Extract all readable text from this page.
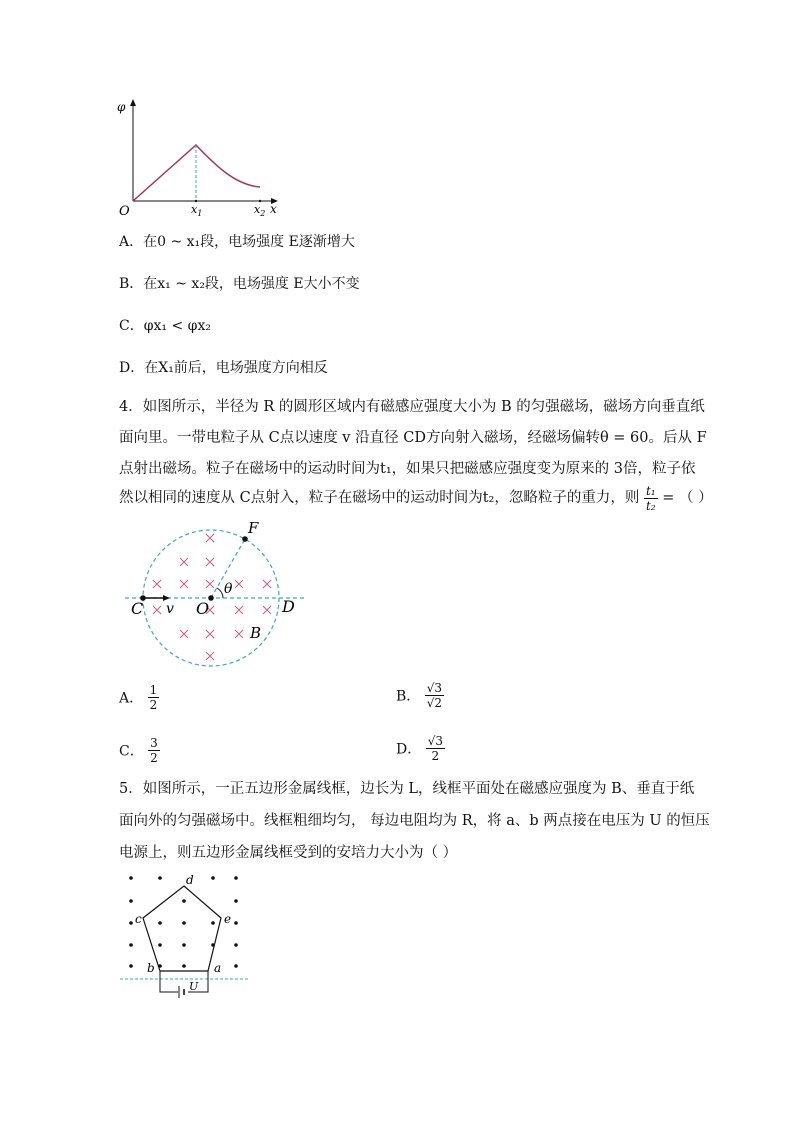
φ
O	x
$x_1$	$x_2$
A．在0 ~ x₁段，电场强度 E逐渐增大
B．在x₁ ~ x₂段，电场强度 E大小不变
C．φx₁ < φx₂
D．在X₁前后，电场强度方向相反
4．如图所示，半径为 R 的圆形区域内有磁感应强度大小为 B 的匀强磁场，磁场方向垂直纸
面向里。一带电粒子从 C点以速度 v 沿直径 CD方向射入磁场，经磁场偏转θ = 60。后从 F
点射出磁场。粒子在磁场中的运动时间为t₁，如果只把磁感应强度变为原来的 3倍，粒子依
然以相同的速度从 C点射入，粒子在磁场中的运动时间为t₂，忽略粒子的重力，则 $\frac{\text{t₁}}{\text{t₂}}$ = （ ）
F
θ
C v O	D
B
A． $\frac{1}{2}$	B． $\frac{√3}{√2}$
C． $\frac{3}{2}$	D． $\frac{√3}{2}$
5．如图所示，一正五边形金属线框，边长为 L，线框平面处在磁感应强度为 B、垂直于纸
面向外的匀强磁场中。线框粗细均匀， 每边电阻均为 R，将 a、b 两点接在电压为 U 的恒压
电源上，则五边形金属线框受到的安培力大小为（ ）
d
c	e
b	a
U
